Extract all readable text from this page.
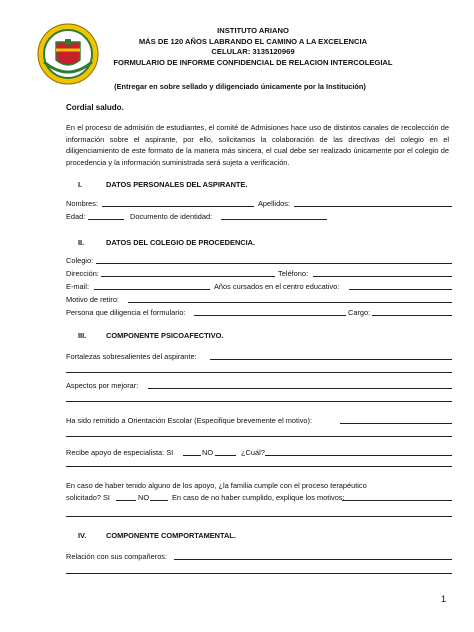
INSTITUTO ARIANO
MÁS DE 120 AÑOS LABRANDO EL CAMINO A LA EXCELENCIA
CELULAR: 3135120969
FORMULARIO DE INFORME CONFIDENCIAL DE RELACION INTERCOLEGIAL
(Entregar en sobre sellado y diligenciado únicamente por la Institución)
Cordial saludo.
En el proceso de admisión de estudiantes, el comité de Admisiones hace uso de distintos canales de recolección de información sobre el aspirante, por ello, solicitamos la colaboración de las directivas del colegio en el diligenciamiento de este formato de la manera más sincera, el cual debe ser realizado únicamente por el colegio de procedencia y la información suministrada será sujeta a verificación.
I.	DATOS PERSONALES DEL ASPIRANTE.
Nombres:	Apellidos:
Edad:	Documento de identidad:
II.	DATOS DEL COLEGIO DE PROCEDENCIA.
Colegio:
Dirección:	Teléfono:
E-mail:	Años cursados en el centro educativo:
Motivo de retiro:
Persona que diligencia el formulario:	Cargo:
III.	COMPONENTE PSICOAFECTIVO.
Fortalezas sobresalientes del aspirante:
Aspectos por mejorar:
Ha sido remitido a Orientación Escolar (Especifique brevemente el motivo):
Recibe apoyo de especialista: SI	NO	¿Cuál?
En caso de haber tenido alguno de los apoyo, ¿la familia cumple con el proceso terapéutico
solicitado? SI	NO	En caso de no haber cumplido, explique los motivos:
IV.	COMPONENTE COMPORTAMENTAL.
Relación con sus compañeros:
1
